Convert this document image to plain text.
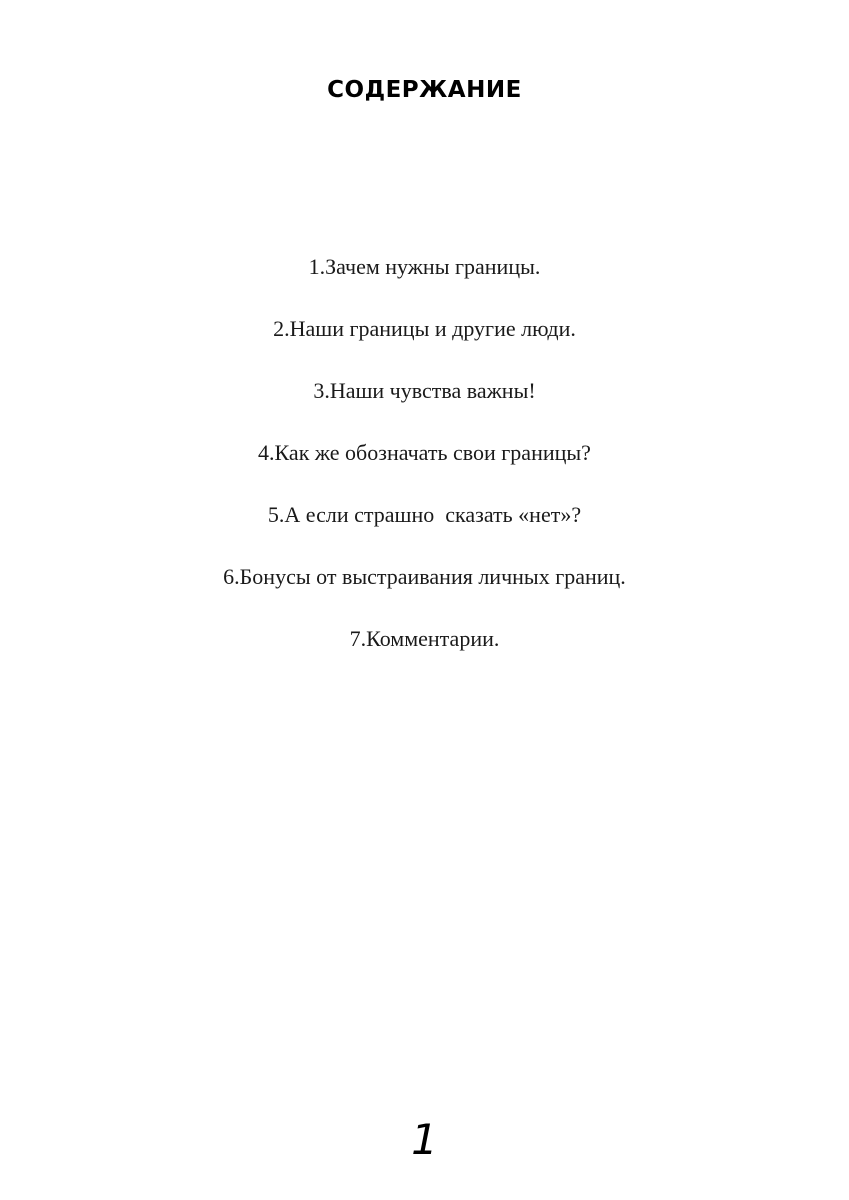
СОДЕРЖАНИЕ
1.Зачем нужны границы.
2.Наши границы и другие люди.
3.Наши чувства важны!
4.Как же обозначать свои границы?
5.А если страшно  сказать «нет»?
6.Бонусы от выстраивания личных границ.
7.Комментарии.
1
